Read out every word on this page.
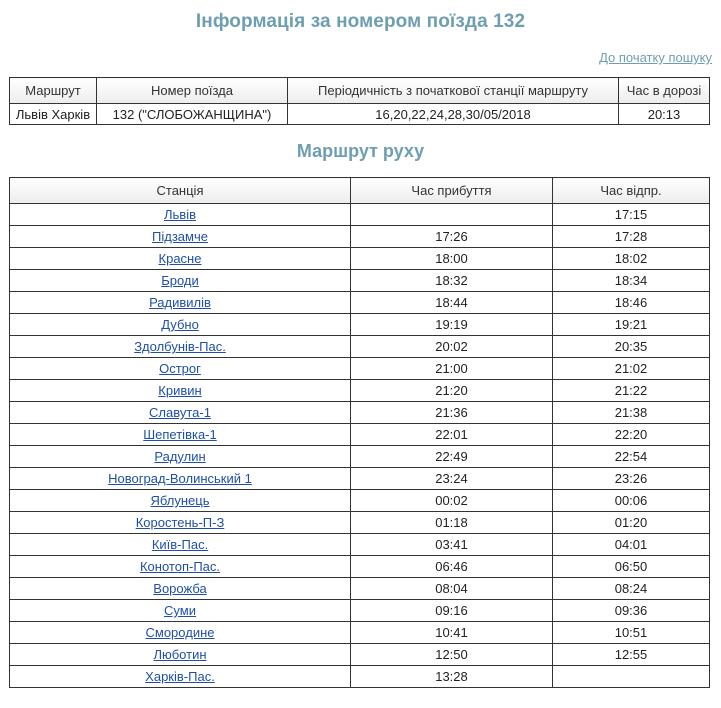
Інформація за номером поїзда 132
До початку пошуку
Маршрут	Номер поїзда	Періодичність з початкової станції маршруту	Час в дорозі
Львів Харків	132 ("СЛОБОЖАНЩИНА")	16,20,22,24,28,30/05/2018	20:13
Маршрут руху
Станція	Час прибуття	Час відпр.
Львів		17:15
Підзамче	17:26	17:28
Красне	18:00	18:02
Броди	18:32	18:34
Радивилів	18:44	18:46
Дубно	19:19	19:21
Здолбунів-Пас.	20:02	20:35
Острог	21:00	21:02
Кривин	21:20	21:22
Славута-1	21:36	21:38
Шепетівка-1	22:01	22:20
Радулин	22:49	22:54
Новоград-Волинський 1	23:24	23:26
Яблунець	00:02	00:06
Коростень-П-З	01:18	01:20
Київ-Пас.	03:41	04:01
Конотоп-Пас.	06:46	06:50
Ворожба	08:04	08:24
Суми	09:16	09:36
Смородине	10:41	10:51
Люботин	12:50	12:55
Харків-Пас.	13:28	
